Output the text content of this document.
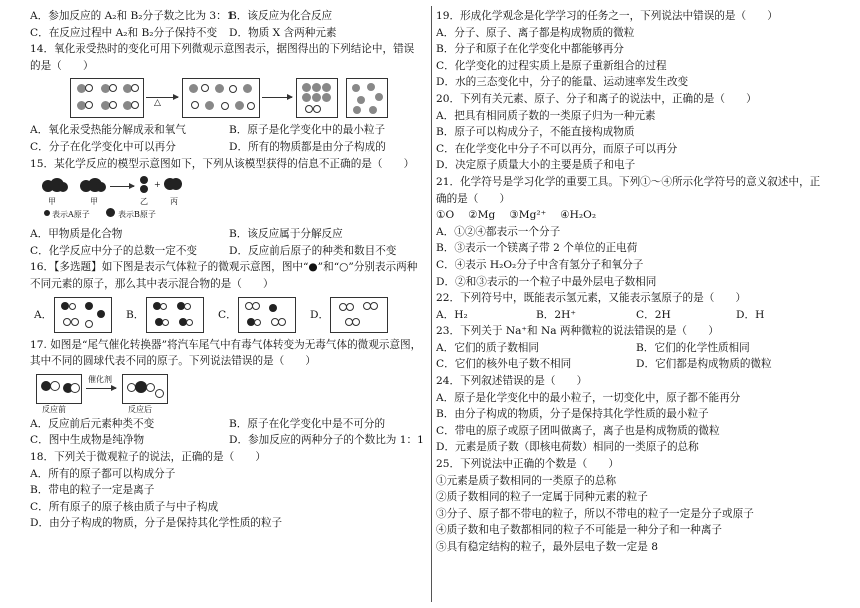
A．参加反应的 A₂和 B₂分子数之比为 3：1B．该反应为化合反应
C．在反应过程中 A₂和 B₂分子保持不变 D．物质 X 含两种元素
14．氧化汞受热时的变化可用下列微观示意图表示，据图得出的下列结论中，错误
的是（　　）
△
A．氧化汞受热能分解成汞和氧气	B．原子是化学变化中的最小粒子
C．分子在化学变化中可以再分	D．所有的物质都是由分子构成的
15．某化学反应的模型示意图如下，下列从该模型获得的信息不正确的是（　　）
+
甲	甲	乙	丙
表示A原子	表示B原子
A．甲物质是化合物	B．该反应属于分解反应
C．化学反应中分子的总数一定不变	D．反应前后原子的种类和数目不变
16．【多选题】如下图是表示气体粒子的微观示意图，图中“●”和“○”分别表示两种
不同元素的原子，那么其中表示混合物的是（　　）
A．	B．	C．	D．
17. 如图是“尾气催化转换器”将汽车尾气中有毒气体转变为无毒气体的微观示意图，
其中不同的圆球代表不同的原子。下列说法错误的是（　　）
反应前
催化剂
反应后
A．反应前后元素种类不变	B．原子在化学变化中是不可分的
C．图中生成物是纯净物	D．参加反应的两种分子的个数比为 1：1
18．下列关于微观粒子的说法，正确的是（　　）
A．所有的原子都可以构成分子
B．带电的粒子一定是离子
C．所有原子的原子核由质子与中子构成
D．由分子构成的物质，分子是保持其化学性质的粒子
19．形成化学观念是化学学习的任务之一，下列说法中错误的是（　　）
A．分子、原子、离子都是构成物质的微粒
B．分子和原子在化学变化中都能够再分
C．化学变化的过程实质上是原子重新组合的过程
D．水的三态变化中，分子的能量、运动速率发生改变
20．下列有关元素、原子、分子和离子的说法中，正确的是（　　）
A．把具有相同质子数的一类原子归为一种元素
B．原子可以构成分子，不能直接构成物质
C．在化学变化中分子不可以再分，而原子可以再分
D．决定原子质量大小的主要是质子和电子
21．化学符号是学习化学的重要工具。下列①～④所示化学符号的意义叙述中，正
确的是（　　）
①O　 ②Mg　 ③Mg²⁺　 ④H₂O₂
A．①②④都表示一个分子
B．③表示一个镁离子带 2 个单位的正电荷
C．④表示 H₂O₂分子中含有氢分子和氧分子
D．②和③表示的一个粒子中最外层电子数相同
22．下列符号中，既能表示氢元素，又能表示氢原子的是（　　）
A．H₂	B．2H⁺	C．2H	D．H
23．下列关于 Na⁺和 Na 两种微粒的说法错误的是（　　）
A．它们的质子数相同	B．它们的化学性质相同
C．它们的核外电子数不相同	D．它们都是构成物质的微粒
24．下列叙述错误的是（　　）
A．原子是化学变化中的最小粒子，一切变化中，原子都不能再分
B．由分子构成的物质，分子是保持其化学性质的最小粒子
C．带电的原子或原子团叫做离子，离子也是构成物质的微粒
D．元素是质子数（即核电荷数）相同的一类原子的总称
25．下列说法中正确的个数是（　　）
①元素是质子数相同的一类原子的总称
②质子数相同的粒子一定属于同种元素的粒子
③分子、原子都不带电的粒子，所以不带电的粒子一定是分子或原子
④质子数和电子数都相同的粒子不可能是一种分子和一种离子
⑤具有稳定结构的粒子，最外层电子数一定是 8
